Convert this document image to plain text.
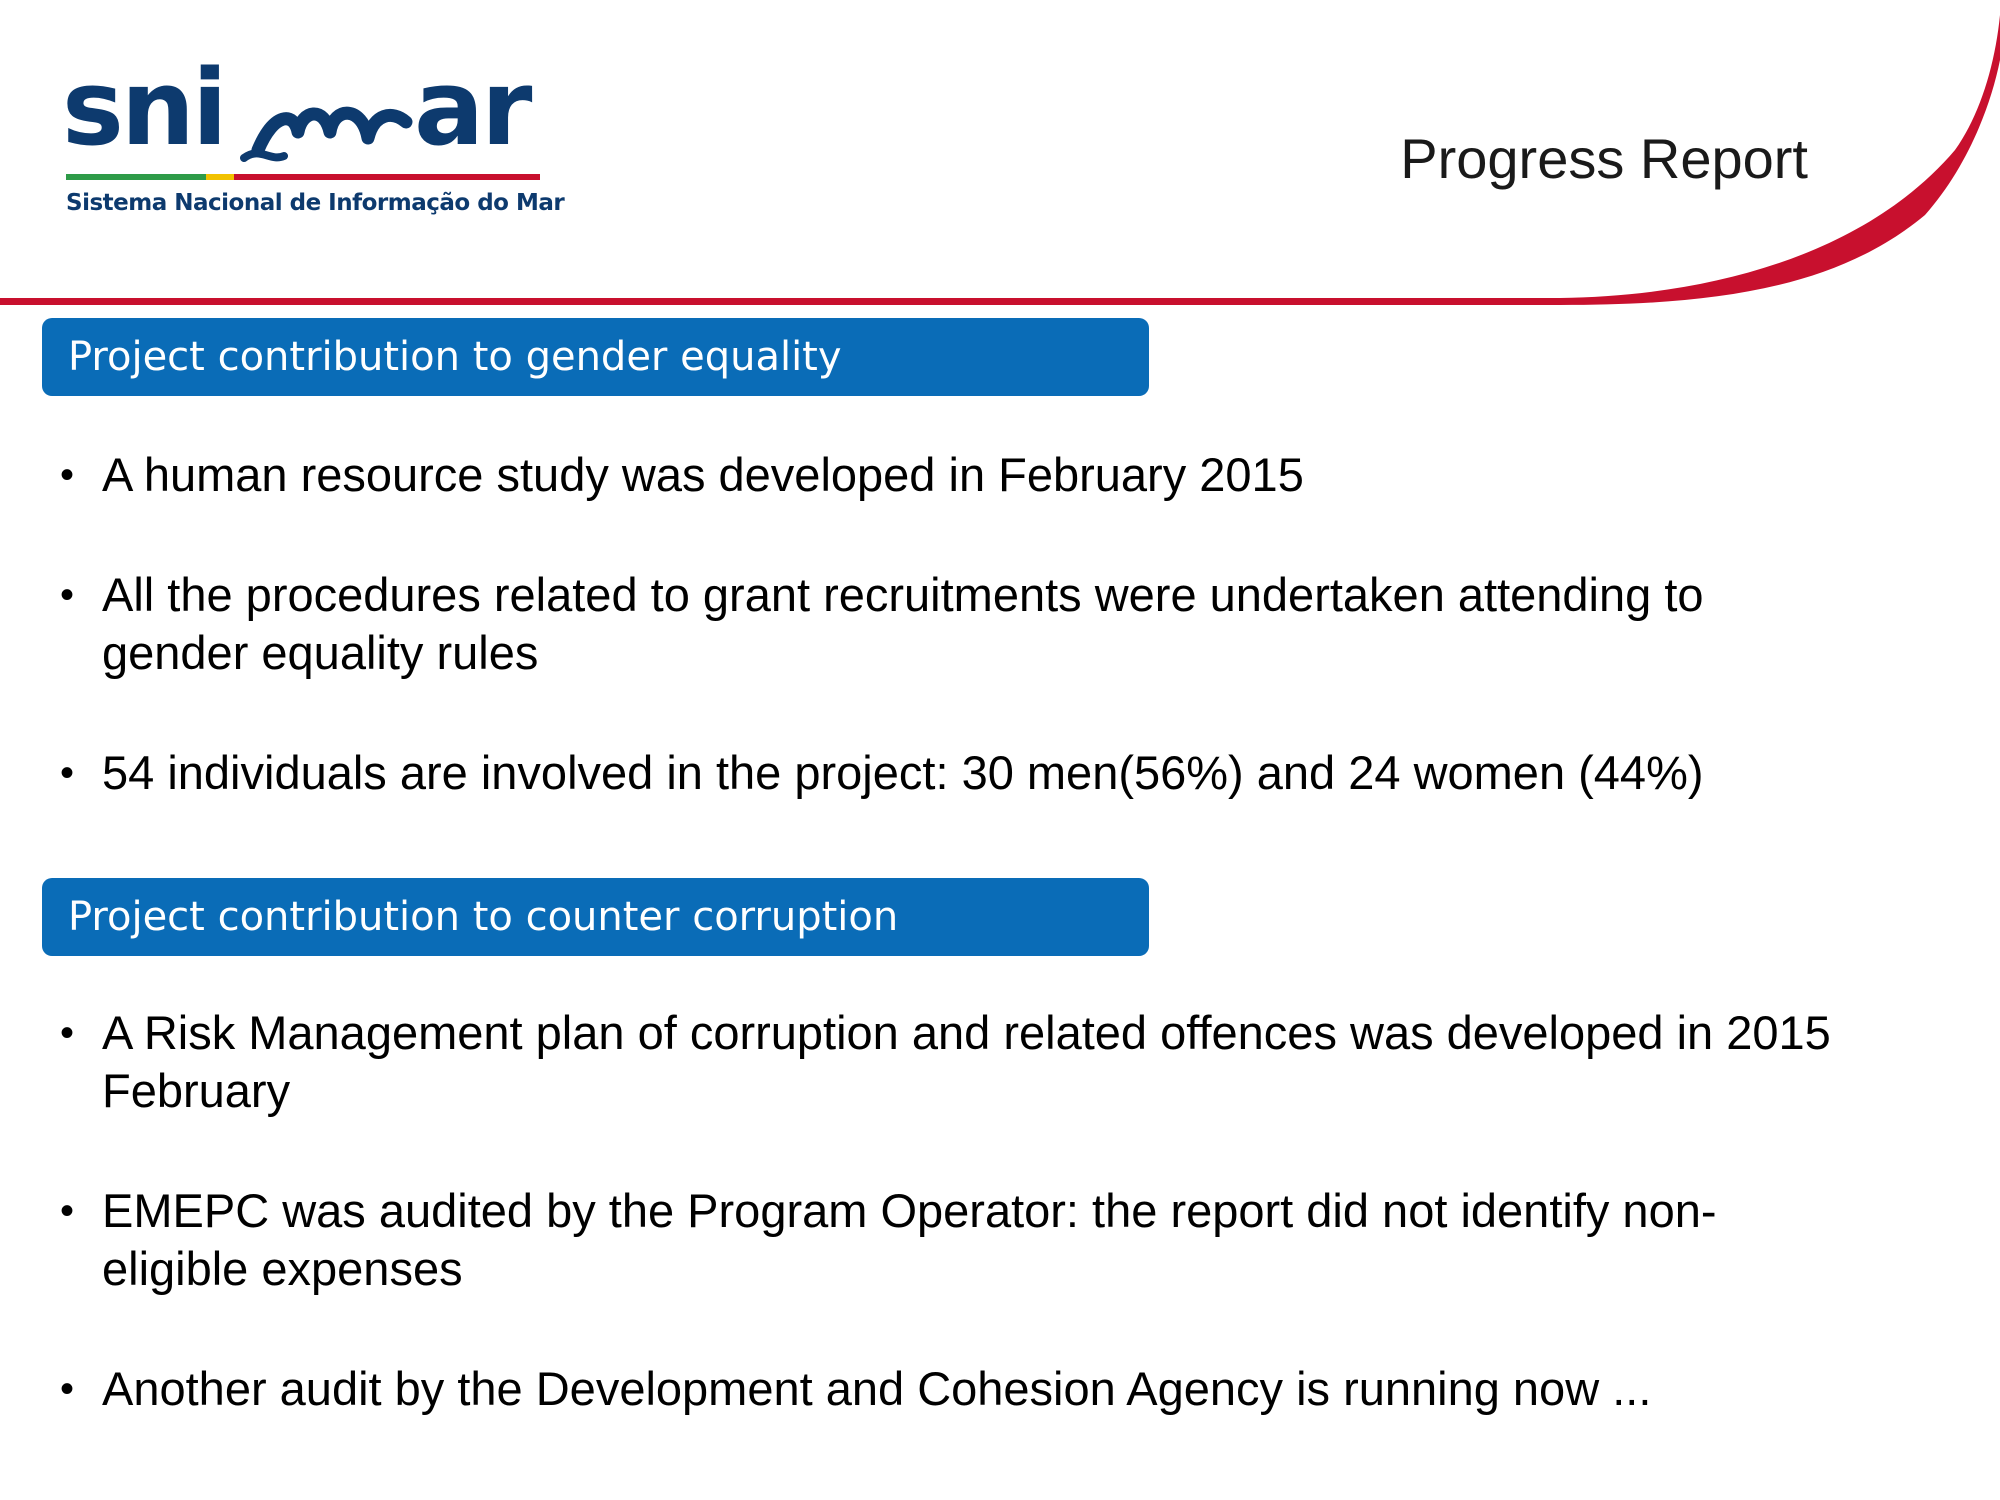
sni ar
Sistema Nacional de Informação do Mar
Progress Report
Project contribution to gender equality
• A human resource study was developed in February 2015
• All the procedures related to grant recruitments were undertaken attending to gender equality rules
• 54 individuals are involved in the project: 30 men(56%) and 24 women (44%)
Project contribution to counter corruption
• A Risk Management plan of corruption and related offences was developed in 2015 February
• EMEPC was audited by the Program Operator: the report did not identify non-eligible expenses
• Another audit by the Development and Cohesion Agency is running now ...
